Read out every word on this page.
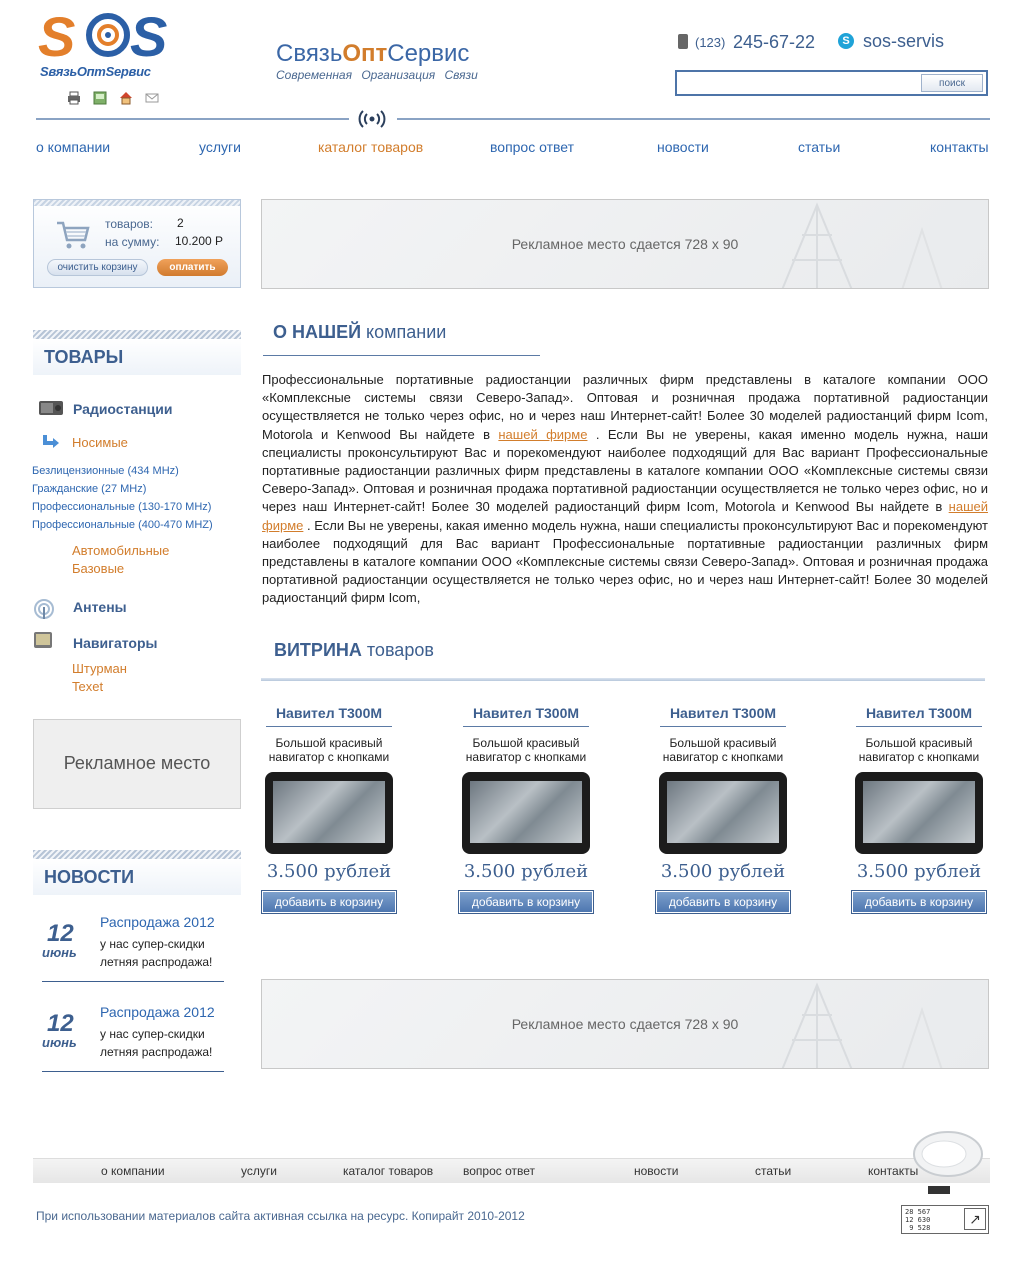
S S
SвязьОптSервис
СвязьОптСервис
Современная Организация Связи
(123) 245-67-22	S sos-servis
поиск
о компании	услуги	каталог товаров	вопрос ответ	новости	статьи	контакты
товаров: 2
на сумму: 10.200 Р
очистить корзину	оплатить
ТОВАРЫ
Радиостанции
Носимые
Безлицензионные (434 MHz)
Гражданские (27 MHz)
Профессиональные (130-170 MHz)
Профессиональные (400-470 MHZ)
Автомобильные
Базовые
Антены
Навигаторы
Штурман
Texet
Рекламное место
НОВОСТИ
12
июнь
Распродажа 2012
у нас супер-скидки летняя распродажа!
12
июнь
Распродажа 2012
у нас супер-скидки летняя распродажа!
Рекламное место сдается 728 х 90
О НАШЕЙ компании
Профессиональные портативные радиостанции различных фирм представлены в каталоге компании ООО «Комплексные системы связи Северо-Запад». Оптовая и розничная продажа портативной радиостанции осуществляется не только через офис, но и через наш Интернет-сайт! Более 30 моделей радиостанций фирм Icom, Motorola и Kenwood Вы найдете в нашей фирме . Если Вы не уверены, какая именно модель нужна, наши специалисты проконсультируют Вас и порекомендуют наиболее подходящий для Вас вариант Профессиональные портативные радиостанции различных фирм представлены в каталоге компании ООО «Комплексные системы связи Северо-Запад». Оптовая и розничная продажа портативной радиостанции осуществляется не только через офис, но и через наш Интернет-сайт! Более 30 моделей радиостанций фирм Icom, Motorola и Kenwood Вы найдете в нашей фирме . Если Вы не уверены, какая именно модель нужна, наши специалисты проконсультируют Вас и порекомендуют наиболее подходящий для Вас вариант Профессиональные портативные радиостанции различных фирм представлены в каталоге компании ООО «Комплексные системы связи Северо-Запад». Оптовая и розничная продажа портативной радиостанции осуществляется не только через офис, но и через наш Интернет-сайт! Более 30 моделей радиостанций фирм Icom,
ВИТРИНА товаров
Навител T300M
Большой красивый навигатор с кнопками
3.500 рублей
добавить в корзину
Навител T300M
Большой красивый навигатор с кнопками
3.500 рублей
добавить в корзину
Навител T300M
Большой красивый навигатор с кнопками
3.500 рублей
добавить в корзину
Навител T300M
Большой красивый навигатор с кнопками
3.500 рублей
добавить в корзину
Рекламное место сдается 728 х 90
о компании	услуги	каталог товаров вопрос ответ	новости	статьи	контакты
При использовании материалов сайта активная ссылка на ресурс. Копирайт 2010-2012	28 567
12 630
9 528
↗
